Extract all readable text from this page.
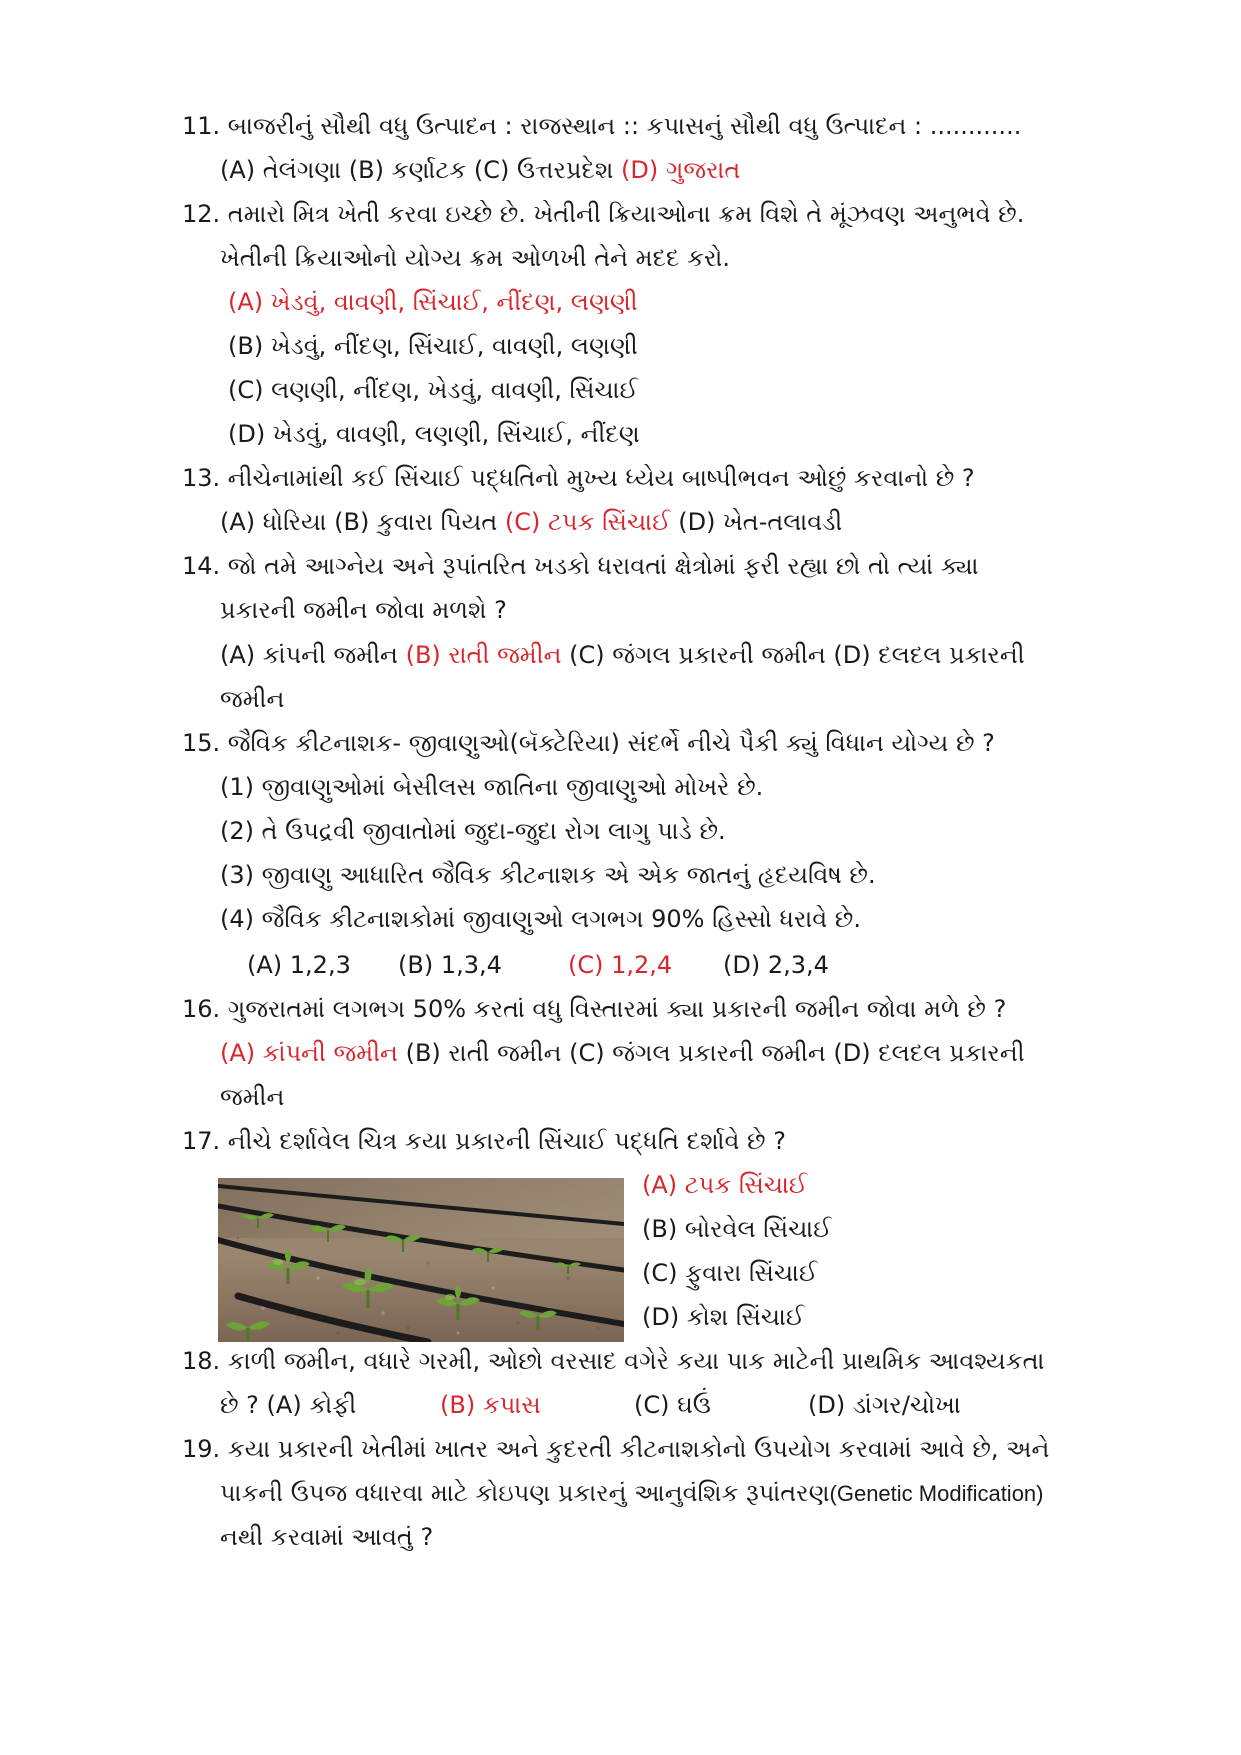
11. બાજરીનું સૌથી વધુ ઉત્પાદન : રાજસ્થાન :: કપાસનું સૌથી વધુ ઉત્પાદન : ............
(A) તેલંગણા (B) કર્ણાટક (C) ઉત્તરપ્રદેશ (D) ગુજરાત
12. તમારો મિત્ર ખેતી કરવા ઇચ્છે છે. ખેતીની ક્રિયાઓના ક્રમ વિશે તે મૂંઝવણ અનુભવે છે.
ખેતીની ક્રિયાઓનો યોગ્ય ક્રમ ઓળખી તેને મદદ કરો.
(A) ખેડવું, વાવણી, સિંચાઈ, નીંદણ, લણણી
(B) ખેડવું, નીંદણ, સિંચાઈ, વાવણી, લણણી
(C) લણણી, નીંદણ, ખેડવું, વાવણી, સિંચાઈ
(D) ખેડવું, વાવણી, લણણી, સિંચાઈ, નીંદણ
13. નીચેનામાંથી કઈ સિંચાઈ પદ્ધતિનો મુખ્ય ધ્યેય બાષ્પીભવન ઓછું કરવાનો છે ?
(A) ધોરિયા (B) કુવારા પિયત (C) ટપક સિંચાઈ (D) ખેત-તલાવડી
14. જો તમે આગ્નેય અને રૂપાંતરિત ખડકો ધરાવતાં ક્ષેત્રોમાં ફરી રહ્યા છો તો ત્યાં ક્યા
પ્રકારની જમીન જોવા મળશે ?
(A) કાંપની જમીન (B) રાતી જમીન (C) જંગલ પ્રકારની જમીન (D) દલદલ પ્રકારની
જમીન
15. જૈવિક કીટનાશક- જીવાણુઓ(બૅક્ટેરિયા) સંદર્ભે નીચે પૈકી ક્યું વિધાન યોગ્ય છે ?
(1) જીવાણુઓમાં બેસીલસ જાતિના જીવાણુઓ મોખરે છે.
(2) તે ઉપદ્રવી જીવાતોમાં જુદા-જુદા રોગ લાગુ પાડે છે.
(3) જીવાણુ આધારિત જૈવિક કીટનાશક એ એક જાતનું હૃદયવિષ છે.
(4) જૈવિક કીટનાશકોમાં જીવાણુઓ લગભગ 90% હિસ્સો ધરાવે છે.
(A) 1,2,3 (B) 1,3,4	(C) 1,2,4 (D) 2,3,4
16. ગુજરાતમાં લગભગ 50% કરતાં વધુ વિસ્તારમાં ક્યા પ્રકારની જમીન જોવા મળે છે ?
(A) કાંપની જમીન (B) રાતી જમીન (C) જંગલ પ્રકારની જમીન (D) દલદલ પ્રકારની
જમીન
17. નીચે દર્શાવેલ ચિત્ર કયા પ્રકારની સિંચાઈ પદ્ધતિ દર્શાવે છે ?
(A) ટપક સિંચાઈ
(B) બોરવેલ સિંચાઈ
(C) ફુવારા સિંચાઈ
(D) કોશ સિંચાઈ
18. કાળી જમીન, વધારે ગરમી, ઓછો વરસાદ વગેરે કયા પાક માટેની પ્રાથમિક આવશ્યકતા
છે ? (A) કોફી	(B) કપાસ	(C) ઘઉં	(D) ડાંગર/ચોખા
19. કયા પ્રકારની ખેતીમાં ખાતર અને કુદરતી કીટનાશકોનો ઉપયોગ કરવામાં આવે છે, અને
પાકની ઉપજ વધારવા માટે કોઇપણ પ્રકારનું આનુવંશિક રૂપાંતરણ(Genetic Modification)
નથી કરવામાં આવતું ?
